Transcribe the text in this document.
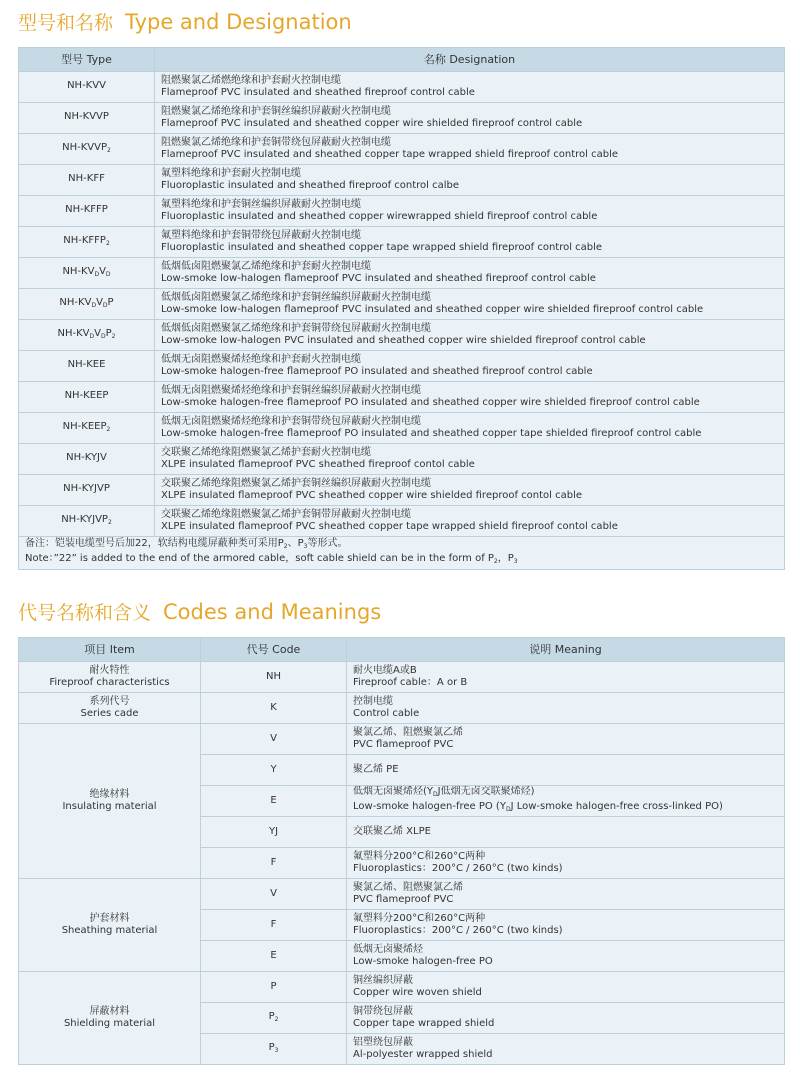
型号和名称 Type and Designation
型号 Type	名称 Designation
NH-KVV	阻燃聚氯乙烯燃绝缘和护套耐火控制电缆
Flameproof PVC insulated and sheathed fireproof control cable

NH-KVVP	阻燃聚氯乙烯绝缘和护套铜丝编织屏蔽耐火控制电缆
Flameproof PVC insulated and sheathed copper wire shielded fireproof control cable

$NH-KVVP_2$	阻燃聚氯乙烯绝缘和护套铜带绕包屏蔽耐火控制电缆
Flameproof PVC insulated and sheathed copper tape wrapped shield fireproof control cable

NH-KFF	氟塑料绝缘和护套耐火控制电缆
Fluoroplastic insulated and sheathed fireproof control calbe

NH-KFFP	氟塑料绝缘和护套铜丝编织屏蔽耐火控制电缆
Fluoroplastic insulated and sheathed copper wirewrapped shield fireproof control cable

$NH-KFFP_2$	氟塑料绝缘和护套铜带绕包屏蔽耐火控制电缆
Fluoroplastic insulated and sheathed copper tape wrapped shield fireproof control cable

$NH-KV_DV_D$	低烟低卤阻燃聚氯乙烯绝缘和护套耐火控制电缆
Low-smoke low-halogen flameproof PVC insulated and sheathed fireproof control cable

$NH-KV_DV_DP$	低烟低卤阻燃聚氯乙烯绝缘和护套铜丝编织屏蔽耐火控制电缆
Low-smoke low-halogen flameproof PVC insulated and sheathed copper wire shielded fireproof control cable

$NH-KV_DV_DP_2$	低烟低卤阻燃聚氯乙烯绝缘和护套铜带绕包屏蔽耐火控制电缆
Low-smoke low-halogen PVC insulated and sheathed copper wire shielded fireproof control cable

NH-KEE	低烟无卤阻燃聚烯烃绝缘和护套耐火控制电缆
Low-smoke halogen-free flameproof PO insulated and sheathed fireproof control cable

NH-KEEP	低烟无卤阻燃聚烯烃绝缘和护套铜丝编织屏蔽耐火控制电缆
Low-smoke halogen-free flameproof PO insulated and sheathed copper wire shielded fireproof control cable

$NH-KEEP_2$	低烟无卤阻燃聚烯烃绝缘和护套铜带绕包屏蔽耐火控制电缆
Low-smoke halogen-free flameproof PO insulated and sheathed copper tape shielded fireproof control cable

NH-KYJV	交联聚乙烯绝缘阻燃聚氯乙烯护套耐火控制电缆
XLPE insulated flameproof PVC sheathed fireproof contol cable

NH-KYJVP	交联聚乙烯绝缘阻燃聚氯乙烯护套铜丝编织屏蔽耐火控制电缆
XLPE insulated flameproof PVC sheathed copper wire shielded fireproof contol cable

$NH-KYJVP_2$	交联聚乙烯绝缘阻燃聚氯乙烯护套铜带屏蔽耐火控制电缆
XLPE insulated flameproof PVC sheathed copper tape wrapped shield fireproof contol cable

备注：铠装电缆型号后加22，软结构电缆屏蔽种类可采用$P_2$、$P_3$等形式。
Note：”22” is added to the end of the armored cable，soft cable shield can be in the form of $P_2$，$P_3$
代号名称和含义 Codes and Meanings
项目 Item	代号 Code	说明 Meaning

耐火特性
Fireproof characteristics	NH	耐火电缆A或B
Fireproof cable：A or B

系列代号
Series cade	K	控制电缆
Control cable

绝缘材料
Insulating material	V	聚氯乙烯、阻燃聚氯乙烯
PVC flameproof PVC

	Y	聚乙烯 PE
	E	低烟无卤聚烯烃($Y_DJ$低烟无卤交联聚烯烃)
Low-smoke halogen-free PO ($Y_DJ$ Low-smoke halogen-free cross-linked PO)

	YJ	交联聚乙烯 XLPE
	F	氟塑料分200°C和260°C两种
Fluoroplastics：200°C / 260°C (two kinds)

护套材料
Sheathing material	V	聚氯乙烯、阻燃聚氯乙烯
PVC flameproof PVC

	F	氟塑料分200°C和260°C两种
Fluoroplastics：200°C / 260°C (two kinds)

	E	低烟无卤聚烯烃
Low-smoke halogen-free PO

屏蔽材料
Shielding material	P	铜丝编织屏蔽
Copper wire woven shield

	$P_2$	铜带绕包屏蔽
Copper tape wrapped shield

	$P_3$	铝塑绕包屏蔽
Al-polyester wrapped shield
